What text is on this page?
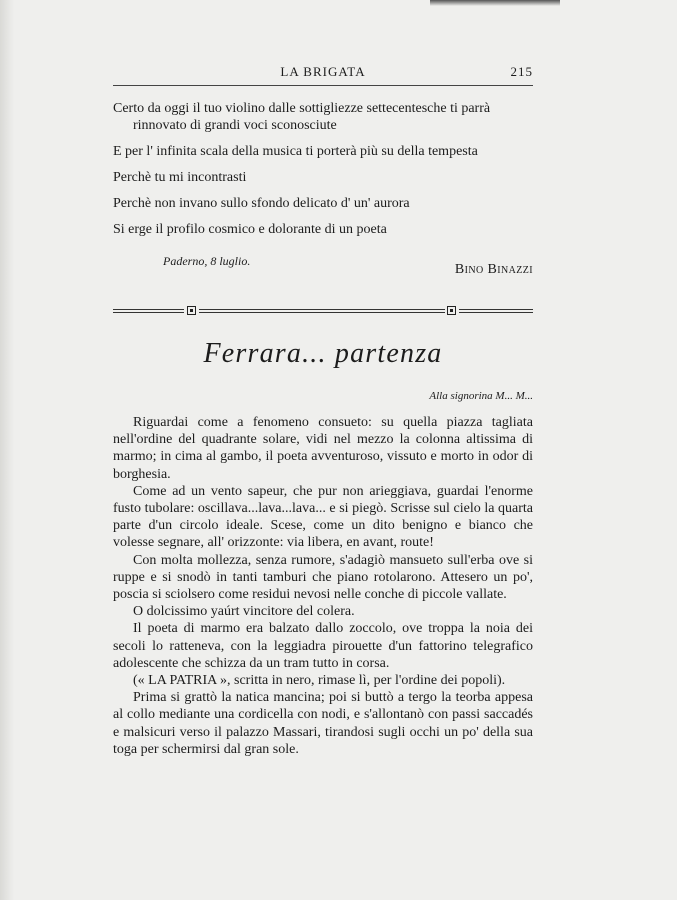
LA BRIGATA	215

Certo da oggi il tuo violino dalle sottigliezze settecentesche ti parrà rinnovato di grandi voci sconosciute

E per l' infinita scala della musica ti porterà più su della tempesta

Perchè tu mi incontrasti

Perchè non invano sullo sfondo delicato d' un' aurora

Si erge il profilo cosmico e dolorante di un poeta

Paderno, 8 luglio.
Bino Binazzi
Ferrara... partenza
Alla signorina M... M...

Riguardai come a fenomeno consueto: su quella piazza tagliata nell'ordine del quadrante solare, vidi nel mezzo la colonna altissima di marmo; in cima al gambo, il poeta avventuroso, vissuto e morto in odor di borghesia.

Come ad un vento sapeur, che pur non arieggiava, guardai l'enorme fusto tubolare: oscillava...lava...lava... e si piegò. Scrisse sul cielo la quarta parte d'un circolo ideale. Scese, come un dito benigno e bianco che volesse segnare, all' orizzonte: via libera, en avant, route!

Con molta mollezza, senza rumore, s'adagiò mansueto sull'erba ove si ruppe e si snodò in tanti tamburi che piano rotolarono. Attesero un po', poscia si sciolsero come residui nevosi nelle conche di piccole vallate.

O dolcissimo yaúrt vincitore del colera.

Il poeta di marmo era balzato dallo zoccolo, ove troppa la noia dei secoli lo ratteneva, con la leggiadra pirouette d'un fattorino telegrafico adolescente che schizza da un tram tutto in corsa.

(« LA PATRIA », scritta in nero, rimase lì, per l'ordine dei popoli).

Prima si grattò la natica mancina; poi si buttò a tergo la teorba appesa al collo mediante una cordicella con nodi, e s'allontanò con passi saccadés e malsicuri verso il palazzo Massari, tirandosi sugli occhi un po' della sua toga per schermirsi dal gran sole.
